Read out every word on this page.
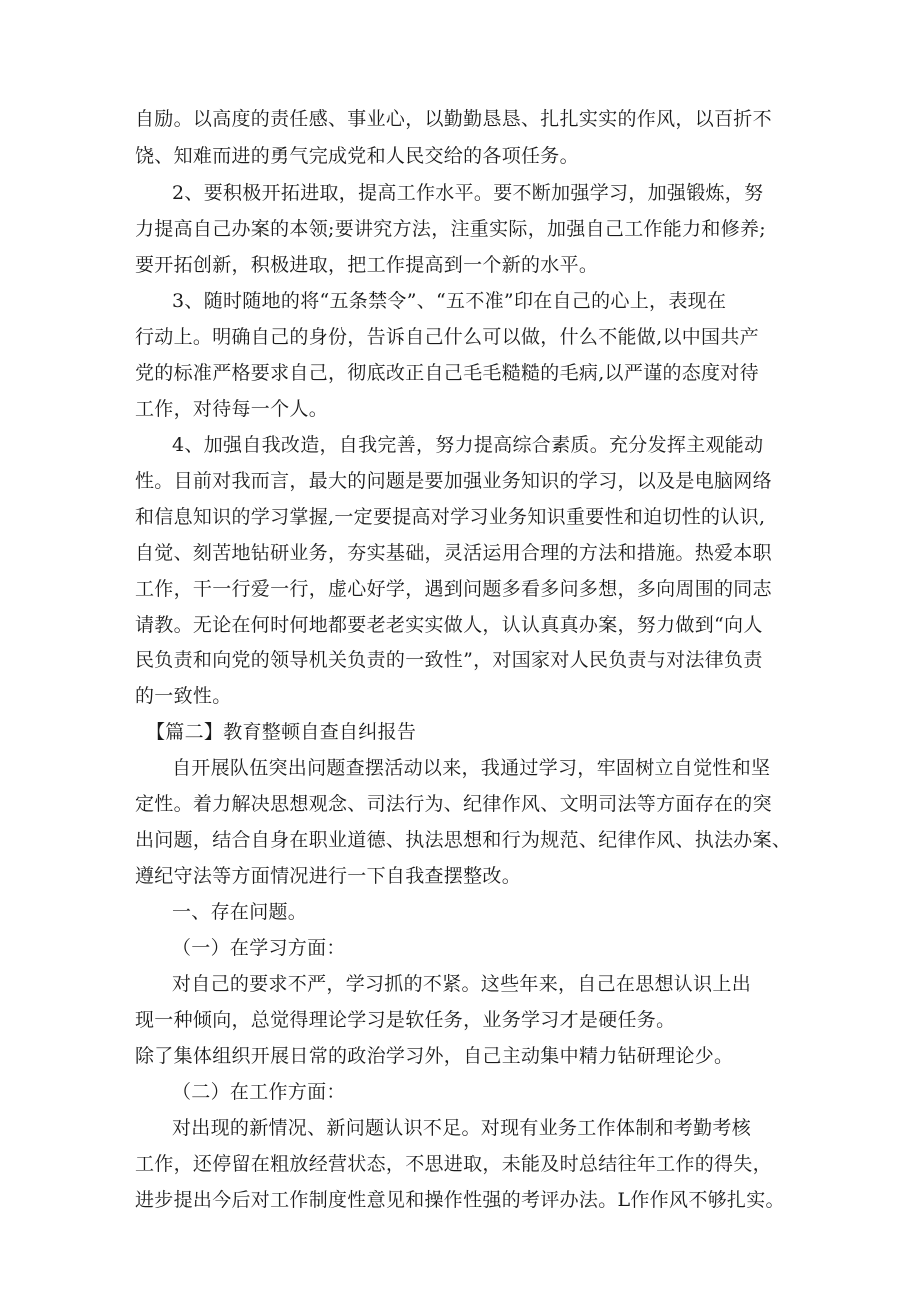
自励。以高度的责任感、事业心，以勤勤恳恳、扎扎实实的作风，以百折不
饶、知难而进的勇气完成党和人民交给的各项任务。
2、要积极开拓进取，提高工作水平。要不断加强学习，加强锻炼，努
力提高自己办案的本领;要讲究方法，注重实际，加强自己工作能力和修养;
要开拓创新，积极进取，把工作提高到一个新的水平。
3、随时随地的将“五条禁令”、“五不准”印在自己的心上，表现在
行动上。明确自己的身份，告诉自己什么可以做，什么不能做,以中国共产
党的标准严格要求自己，彻底改正自己毛毛糙糙的毛病,以严谨的态度对待
工作，对待每一个人。
4、加强自我改造，自我完善，努力提高综合素质。充分发挥主观能动
性。目前对我而言，最大的问题是要加强业务知识的学习，以及是电脑网络
和信息知识的学习掌握,一定要提高对学习业务知识重要性和迫切性的认识,
自觉、刻苦地钻研业务，夯实基础，灵活运用合理的方法和措施。热爱本职
工作，干一行爱一行，虚心好学，遇到问题多看多问多想，多向周围的同志
请教。无论在何时何地都要老老实实做人，认认真真办案，努力做到“向人
民负责和向党的领导机关负责的一致性”，对国家对人民负责与对法律负责
的一致性。
【篇二】教育整顿自查自纠报告
自开展队伍突出问题查摆活动以来，我通过学习，牢固树立自觉性和坚
定性。着力解决思想观念、司法行为、纪律作风、文明司法等方面存在的突
出问题，结合自身在职业道德、执法思想和行为规范、纪律作风、执法办案、
遵纪守法等方面情况进行一下自我查摆整改。
一、存在问题。
（一）在学习方面：
对自己的要求不严，学习抓的不紧。这些年来，自己在思想认识上出
现一种倾向，总觉得理论学习是软任务，业务学习才是硬任务。
除了集体组织开展日常的政治学习外，自己主动集中精力钻研理论少。
（二）在工作方面：
对出现的新情况、新问题认识不足。对现有业务工作体制和考勤考核
工作，还停留在粗放经营状态，不思进取，未能及时总结往年工作的得失，
进步提出今后对工作制度性意见和操作性强的考评办法。L作作风不够扎实。
